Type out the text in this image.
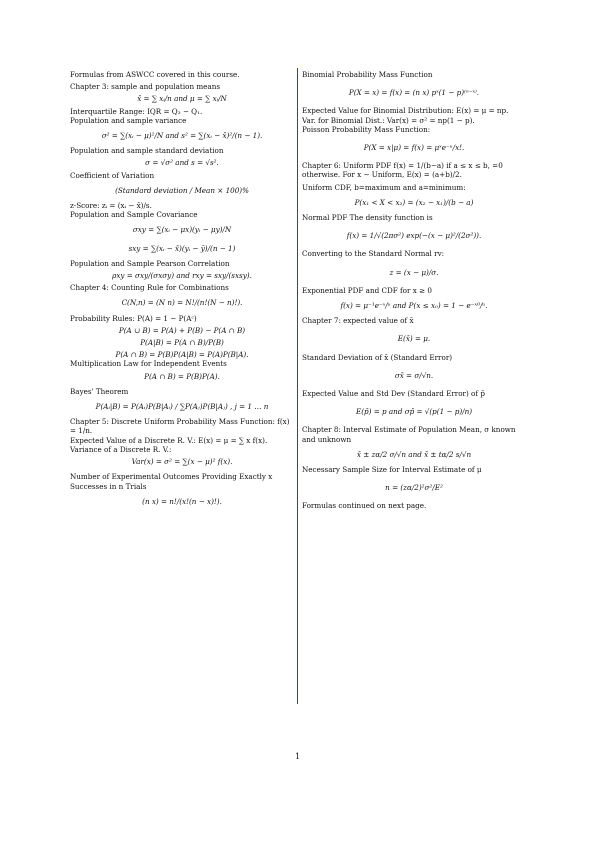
Formulas from ASWCC covered in this course.
Chapter 3: sample and population means
x̄ = ∑ xᵢ/n and μ = ∑ xᵢ/N
Interquartile Range: IQR = Q₃ − Q₁.
Population and sample variance
σ² = ∑(xᵢ − μ)²/N and s² = ∑(xᵢ − x̄)²/(n − 1).
Population and sample standard deviation
σ = √σ² and s = √s².
Coefficient of Variation
(Standard deviation / Mean × 100)%
z-Score: zᵢ = (xᵢ − x̄)/s.
Population and Sample Covariance
σxy = ∑(xᵢ − μx)(yᵢ − μy)/N
sxy = ∑(xᵢ − x̄)(yᵢ − ȳ)/(n − 1)
Population and Sample Pearson Correlation
ρxy = σxy/(σxσy) and rxy = sxy/(sxsy).
Chapter 4: Counting Rule for Combinations
C(N,n) = (N n) = N!/(n!(N − n)!).
Probability Rules: P(A) = 1 − P(Aᶜ)
P(A ∪ B) = P(A) + P(B) − P(A ∩ B)
P(A|B) = P(A ∩ B)/P(B)
P(A ∩ B) = P(B)P(A|B) = P(A)P(B|A).
Multiplication Law for Independent Events
P(A ∩ B) = P(B)P(A).
Bayes' Theorem
P(Aᵢ|B) = P(Aᵢ)P(B|Aᵢ) / ∑P(Aⱼ)P(B|Aⱼ) , j = 1 … n
Chapter 5: Discrete Uniform Probability Mass Function: f(x) = 1/n.
Expected Value of a Discrete R. V.: E(x) = μ = ∑ x f(x).
Variance of a Discrete R. V.:
Var(x) = σ² = ∑(x − μ)² f(x).
Number of Experimental Outcomes Providing Exactly x Successes in n Trials
(n x) = n!/(x!(n − x)!).
Binomial Probability Mass Function
P(X = x) = f(x) = (n x) pˣ(1 − p)⁽ⁿ⁻ˣ⁾.
Expected Value for Binomial Distribution: E(x) = μ = np.
Var. for Binomial Dist.: Var(x) = σ² = np(1 − p).
Poisson Probability Mass Function:
P(X = x|μ) = f(x) = μˣe⁻ᵘ/x!.
Chapter 6: Uniform PDF f(x) = 1/(b−a) if a ≤ x ≤ b, =0 otherwise. For x ∼ Uniform, E(x) = (a+b)/2.
Uniform CDF, b=maximum and a=minimum:
P(x₁ < X < x₂) = (x₂ − x₁)/(b − a)
Normal PDF The density function is
f(x) = 1/√(2πσ²) exp(−(x − μ)²/(2σ²)).
Converting to the Standard Normal rv:
z = (x − μ)/σ.
Exponential PDF and CDF for x ≥ 0
f(x) = μ⁻¹e⁻ˣ/ᵘ and P(x ≤ x₀) = 1 − e⁻ˣ⁰/ᵘ.
Chapter 7: expected value of x̄
E(x̄) = μ.
Standard Deviation of x̄ (Standard Error)
σx̄ = σ/√n.
Expected Value and Std Dev (Standard Error) of p̄
E(p̄) = p and σp̄ = √(p(1 − p)/n)
Chapter 8: Interval Estimate of Population Mean, σ known and unknown
x̄ ± zα/2 σ/√n and x̄ ± tα/2 s/√n
Necessary Sample Size for Interval Estimate of μ
n = (zα/2)²σ²/E²
Formulas continued on next page.
1
